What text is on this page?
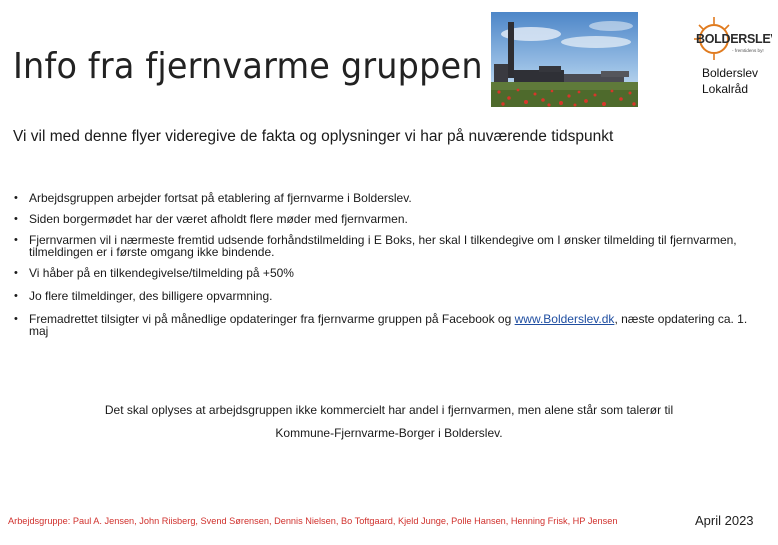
Info fra fjernvarme gruppen
BOLDERSLEV
- fremtidens by!
Bolderslev
Lokalråd
Vi vil med denne flyer videregive de fakta og oplysninger vi har på nuværende tidspunkt
• Arbejdsgruppen arbejder fortsat på etablering af fjernvarme i Bolderslev.
• Siden borgermødet har der været afholdt flere møder med fjernvarmen.
• Fjernvarmen vil i nærmeste fremtid udsende forhåndstilmelding i E Boks, her skal I tilkendegive om I ønsker tilmelding til fjernvarmen, tilmeldingen er i første omgang ikke bindende.
• Vi håber på en tilkendegivelse/tilmelding på +50%
• Jo flere tilmeldinger, des billigere opvarmning.
• Fremadrettet tilsigter vi på månedlige opdateringer fra fjernvarme gruppen på Facebook og www.Bolderslev.dk, næste opdatering ca. 1. maj
Det skal oplyses at arbejdsgruppen ikke kommercielt har andel i fjernvarmen, men alene står som talerør til
Kommune-Fjernvarme-Borger i Bolderslev.
Arbejdsgruppe: Paul A. Jensen, John Riisberg, Svend Sørensen, Dennis Nielsen, Bo Toftgaard, Kjeld Junge, Polle Hansen, Henning Frisk, HP Jensen	April 2023
